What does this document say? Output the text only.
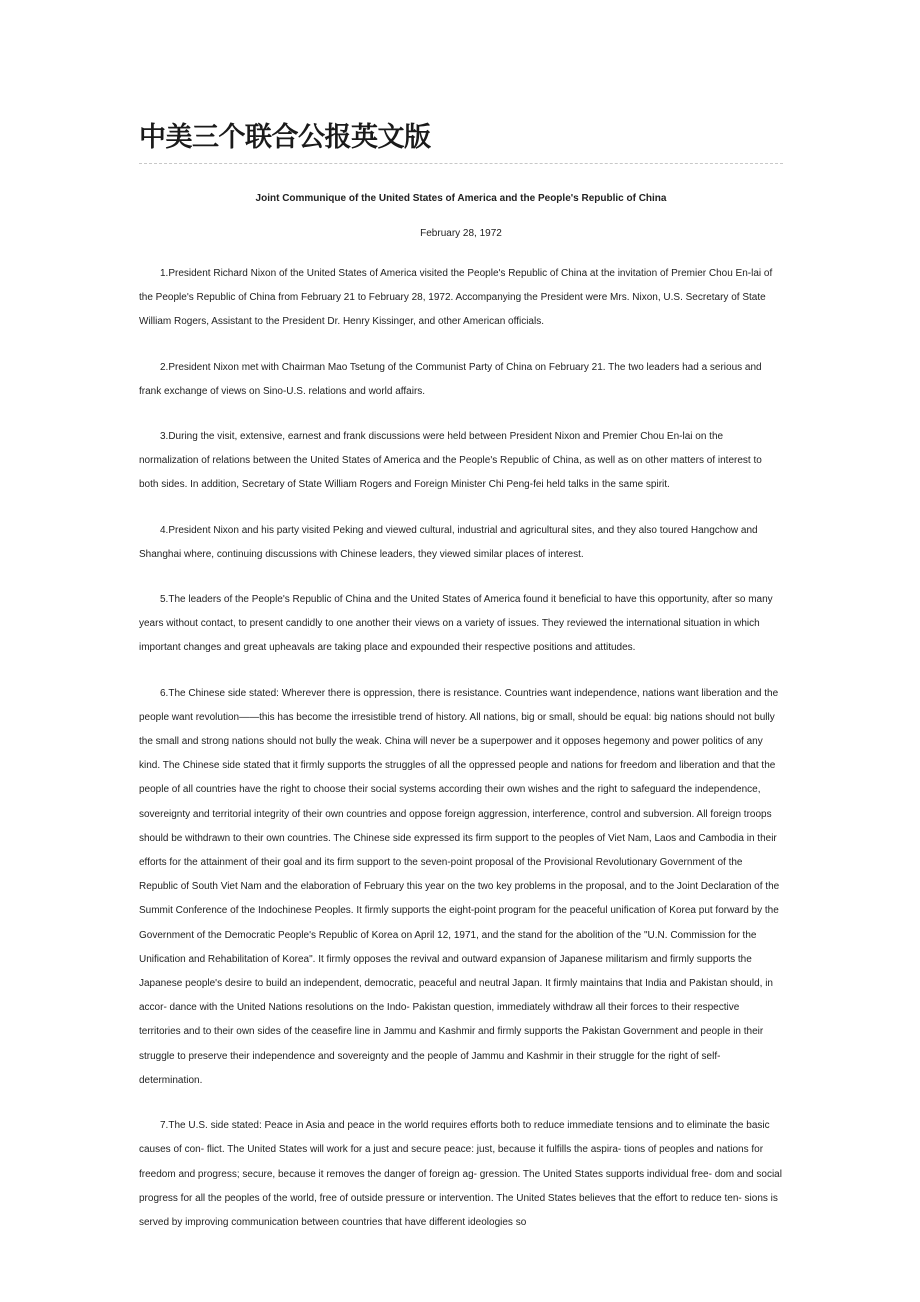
中美三个联合公报英文版

Joint Communique of the United States of America and the People's Republic of China

February 28, 1972

1.President Richard Nixon of the United States of America visited the People's Republic of China at the invitation of Premier Chou En-lai of the People's Republic of China from February 21 to February 28, 1972. Accompanying the President were Mrs. Nixon, U.S. Secretary of State William Rogers, Assistant to the President Dr. Henry Kissinger, and other American officials.

2.President Nixon met with Chairman Mao Tsetung of the Communist Party of China on February 21. The two leaders had a serious and frank exchange of views on Sino-U.S. relations and world affairs.

3.During the visit, extensive, earnest and frank discussions were held between President Nixon and Premier Chou En-lai on the normalization of relations between the United States of America and the People's Republic of China, as well as on other matters of interest to both sides. In addition, Secretary of State William Rogers and Foreign Minister Chi Peng-fei held talks in the same spirit.

4.President Nixon and his party visited Peking and viewed cultural, industrial and agricultural sites, and they also toured Hangchow and Shanghai where, continuing discussions with Chinese leaders, they viewed similar places of interest.

5.The leaders of the People's Republic of China and the United States of America found it beneficial to have this opportunity, after so many years without contact, to present candidly to one another their views on a variety of issues. They reviewed the international situation in which important changes and great upheavals are taking place and expounded their respective positions and attitudes.

6.The Chinese side stated: Wherever there is oppression, there is resistance. Countries want independence, nations want liberation and the people want revolution——this has become the irresistible trend of history. All nations, big or small, should be equal: big nations should not bully the small and strong nations should not bully the weak. China will never be a superpower and it opposes hegemony and power politics of any kind. The Chinese side stated that it firmly supports the struggles of all the oppressed people and nations for freedom and liberation and that the people of all countries have the right to choose their social systems according their own wishes and the right to safeguard the independence, sovereignty and territorial integrity of their own countries and oppose foreign aggression, interference, control and subversion. All foreign troops should be withdrawn to their own countries. The Chinese side expressed its firm support to the peoples of Viet Nam, Laos and Cambodia in their efforts for the attainment of their goal and its firm support to the seven-point proposal of the Provisional Revolutionary Government of the Republic of South Viet Nam and the elaboration of February this year on the two key problems in the proposal, and to the Joint Declaration of the Summit Conference of the Indochinese Peoples. It firmly supports the eight-point program for the peaceful unification of Korea put forward by the Government of the Democratic People's Republic of Korea on April 12, 1971, and the stand for the abolition of the "U.N. Commission for the Unification and Rehabilitation of Korea". It firmly opposes the revival and outward expansion of Japanese militarism and firmly supports the Japanese people's desire to build an independent, democratic, peaceful and neutral Japan. It firmly maintains that India and Pakistan should, in accor- dance with the United Nations resolutions on the Indo- Pakistan question, immediately withdraw all their forces to their respective territories and to their own sides of the ceasefire line in Jammu and Kashmir and firmly supports the Pakistan Government and people in their struggle to preserve their independence and sovereignty and the people of Jammu and Kashmir in their struggle for the right of self-determination.

7.The U.S. side stated: Peace in Asia and peace in the world requires efforts both to reduce immediate tensions and to eliminate the basic causes of con- flict. The United States will work for a just and secure peace: just, because it fulfills the aspira- tions of peoples and nations for freedom and progress; secure, because it removes the danger of foreign ag- gression. The United States supports individual free- dom and social progress for all the peoples of the world, free of outside pressure or intervention. The United States believes that the effort to reduce ten- sions is served by improving communication between countries that have different ideologies so
